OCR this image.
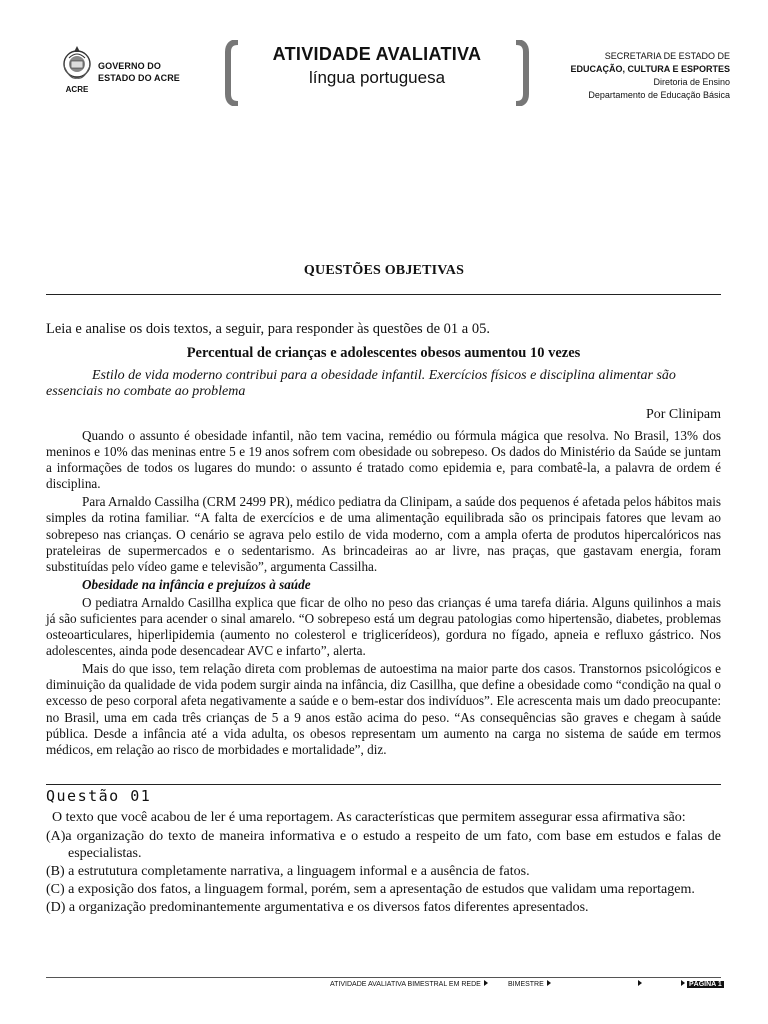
ACRE
GOVERNO DO
ESTADO DO ACRE
ATIVIDADE AVALIATIVA
língua portuguesa
SECRETARIA DE ESTADO DE
EDUCAÇÃO, CULTURA E ESPORTES
Diretoria de Ensino
Departamento de Educação Básica
QUESTÕES OBJETIVAS

Leia e analise os dois textos, a seguir, para responder às questões de 01 a 05.

Percentual de crianças e adolescentes obesos aumentou 10 vezes

Estilo de vida moderno contribui para a obesidade infantil. Exercícios físicos e disciplina alimentar são essenciais no combate ao problema

Por Clinipam

Quando o assunto é obesidade infantil, não tem vacina, remédio ou fórmula mágica que resolva. No Brasil, 13% dos meninos e 10% das meninas entre 5 e 19 anos sofrem com obesidade ou sobrepeso. Os dados do Ministério da Saúde se juntam a informações de todos os lugares do mundo: o assunto é tratado como epidemia e, para combatê-la, a palavra de ordem é disciplina.

Para Arnaldo Cassilha (CRM 2499 PR), médico pediatra da Clinipam, a saúde dos pequenos é afetada pelos hábitos mais simples da rotina familiar. “A falta de exercícios e de uma alimentação equilibrada são os principais fatores que levam ao sobrepeso nas crianças. O cenário se agrava pelo estilo de vida moderno, com a ampla oferta de produtos hipercalóricos nas prateleiras de supermercados e o sedentarismo. As brincadeiras ao ar livre, nas praças, que gastavam energia, foram substituídas pelo vídeo game e televisão”, argumenta Cassilha.

Obesidade na infância e prejuízos à saúde

O pediatra Arnaldo Casillha explica que ficar de olho no peso das crianças é uma tarefa diária. Alguns quilinhos a mais já são suficientes para acender o sinal amarelo. “O sobrepeso está um degrau patologias como hipertensão, diabetes, problemas osteoarticulares, hiperlipidemia (aumento no colesterol e triglicerídeos), gordura no fígado, apneia e refluxo gástrico. Nos adolescentes, ainda pode desencadear AVC e infarto”, alerta.

Mais do que isso, tem relação direta com problemas de autoestima na maior parte dos casos. Transtornos psicológicos e diminuição da qualidade de vida podem surgir ainda na infância, diz Casillha, que define a obesidade como “condição na qual o excesso de peso corporal afeta negativamente a saúde e o bem-estar dos indivíduos”. Ele acrescenta mais um dado preocupante: no Brasil, uma em cada três crianças de 5 a 9 anos estão acima do peso. “As consequências são graves e chegam à saúde pública. Desde a infância até a vida adulta, os obesos representam um aumento na carga no sistema de saúde em termos médicos, em relação ao risco de morbidades e mortalidade”, diz.

Questão 01

O texto que você acabou de ler é uma reportagem. As características que permitem assegurar essa afirmativa são:

(A)a organização do texto de maneira informativa e o estudo a respeito de um fato, com base em estudos e falas de especialistas.

(B) a estrututura completamente narrativa, a linguagem informal e a ausência de fatos.

(C) a exposição dos fatos, a linguagem formal, porém, sem a apresentação de estudos que validam uma reportagem.

(D) a organização predominantemente argumentativa e os diversos fatos diferentes apresentados.

ATIVIDADE AVALIATIVA BIMESTRAL EM REDE	BIMESTRE	PÁGINA 1
